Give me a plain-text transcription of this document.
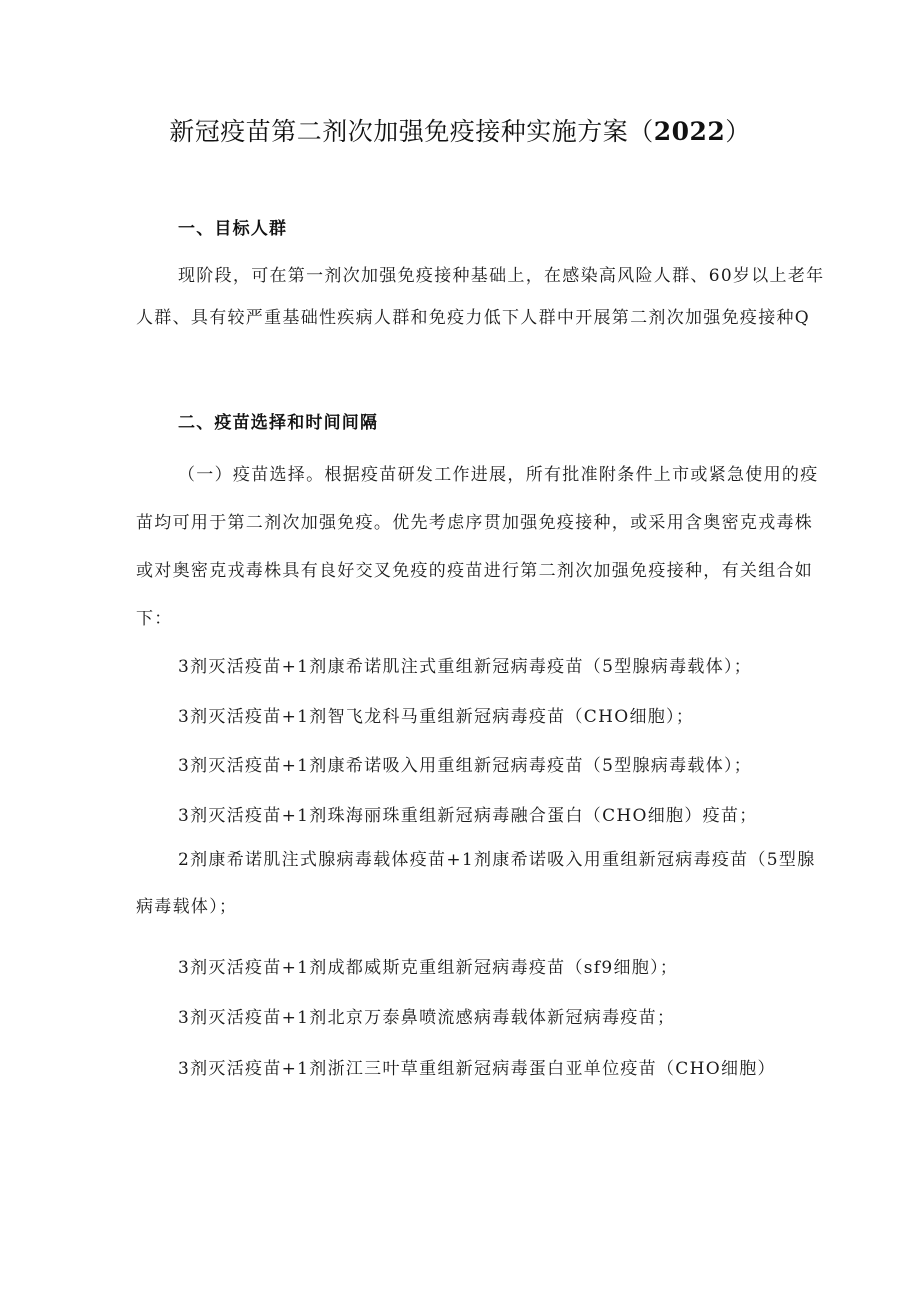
新冠疫苗第二剂次加强免疫接种实施方案（2022）
一、目标人群

现阶段，可在第一剂次加强免疫接种基础上，在感染高风险人群、60岁以上老年人群、具有较严重基础性疾病人群和免疫力低下人群中开展第二剂次加强免疫接种Q

二、疫苗选择和时间间隔

（一）疫苗选择。根据疫苗研发工作进展，所有批准附条件上市或紧急使用的疫苗均可用于第二剂次加强免疫。优先考虑序贯加强免疫接种，或采用含奥密克戎毒株或对奥密克戎毒株具有良好交叉免疫的疫苗进行第二剂次加强免疫接种，有关组合如下：

3剂灭活疫苗+1剂康希诺肌注式重组新冠病毒疫苗（5型腺病毒载体）；

3剂灭活疫苗+1剂智飞龙科马重组新冠病毒疫苗（CHO细胞）；

3剂灭活疫苗+1剂康希诺吸入用重组新冠病毒疫苗（5型腺病毒载体）；

3剂灭活疫苗+1剂珠海丽珠重组新冠病毒融合蛋白（CHO细胞）疫苗；

2剂康希诺肌注式腺病毒载体疫苗+1剂康希诺吸入用重组新冠病毒疫苗（5型腺病毒载体）；

3剂灭活疫苗+1剂成都威斯克重组新冠病毒疫苗（sf9细胞）；

3剂灭活疫苗+1剂北京万泰鼻喷流感病毒载体新冠病毒疫苗；

3剂灭活疫苗+1剂浙江三叶草重组新冠病毒蛋白亚单位疫苗（CHO细胞）
